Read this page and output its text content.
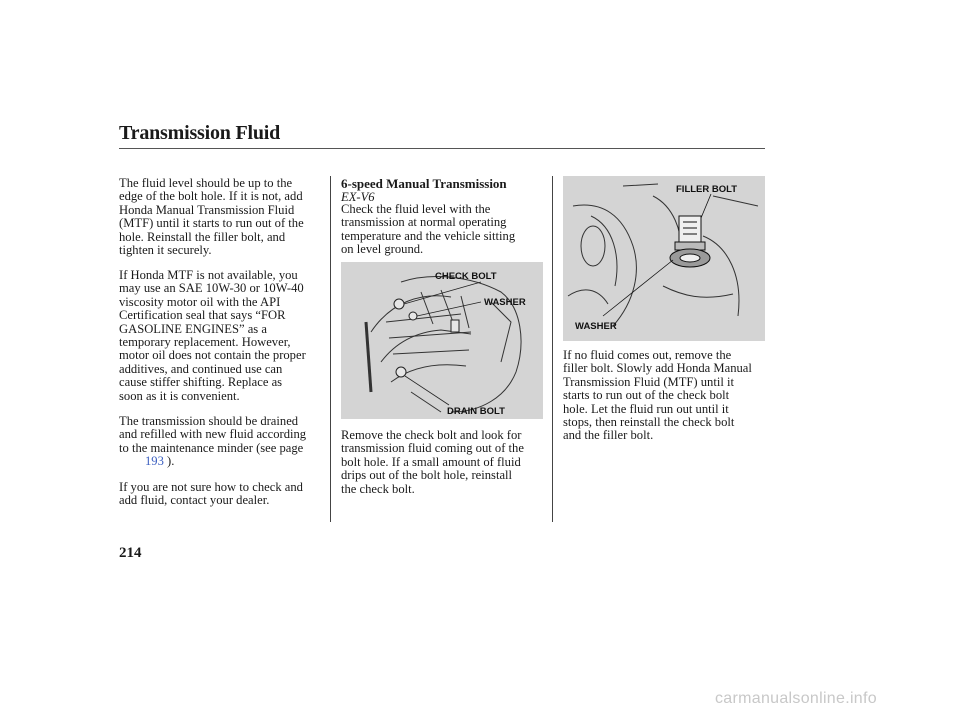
Transmission Fluid

The fluid level should be up to the
edge of the bolt hole. If it is not, add
Honda Manual Transmission Fluid
(MTF) until it starts to run out of the
hole. Reinstall the filler bolt, and
tighten it securely.

If Honda MTF is not available, you
may use an SAE 10W-30 or 10W-40
viscosity motor oil with the API
Certification seal that says “FOR
GASOLINE ENGINES” as a
temporary replacement. However,
motor oil does not contain the proper
additives, and continued use can
cause stiffer shifting. Replace as
soon as it is convenient.

The transmission should be drained
and refilled with new fluid according
to the maintenance minder (see page
193 ).

If you are not sure how to check and
add fluid, contact your dealer.

6-speed Manual Transmission

EX-V6

Check the fluid level with the
transmission at normal operating
temperature and the vehicle sitting
on level ground.

CHECK BOLT
WASHER
DRAIN BOLT

Remove the check bolt and look for
transmission fluid coming out of the
bolt hole. If a small amount of fluid
drips out of the bolt hole, reinstall
the check bolt.

FILLER BOLT
WASHER

If no fluid comes out, remove the
filler bolt. Slowly add Honda Manual
Transmission Fluid (MTF) until it
starts to run out of the check bolt
hole. Let the fluid run out until it
stops, then reinstall the check bolt
and the filler bolt.

214

carmanualsonline.info
